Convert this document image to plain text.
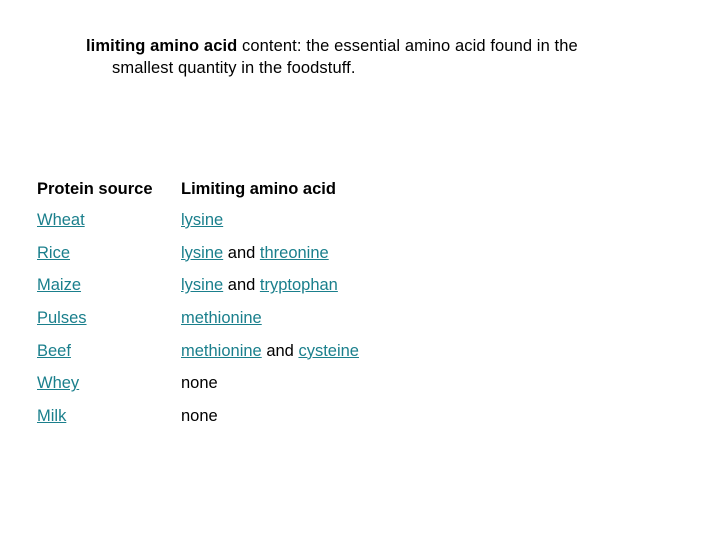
limiting amino acid content: the essential amino acid found in the
smallest quantity in the foodstuff.
Protein source	Limiting amino acid
Wheat	lysine
Rice	lysine and threonine
Maize	lysine and tryptophan
Pulses	methionine
Beef	methionine and cysteine
Whey	none
Milk	none
